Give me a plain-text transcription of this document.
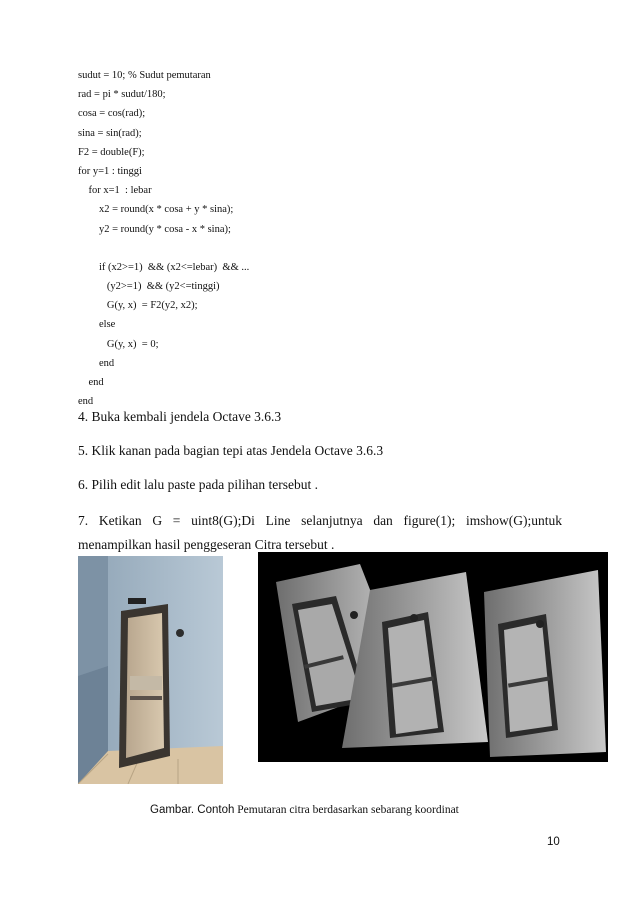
sudut = 10; % Sudut pemutaran
rad = pi * sudut/180;
cosa = cos(rad);
sina = sin(rad);
F2 = double(F);
for y=1 : tinggi
for x=1  : lebar
x2 = round(x * cosa + y * sina);
y2 = round(y * cosa - x * sina);
if (x2>=1)  && (x2<=lebar)  && ...
(y2>=1)  && (y2<=tinggi)
G(y, x)  = F2(y2, x2);
else
G(y, x)  = 0;
end
end
end
4. Buka kembali jendela Octave 3.6.3
5. Klik kanan pada bagian tepi atas Jendela Octave 3.6.3
6. Pilih edit lalu paste pada pilihan tersebut .
7. Ketikan G = uint8(G);Di Line selanjutnya dan figure(1); imshow(G);untuk menampilkan hasil penggeseran Citra tersebut .
Gambar. Contoh Pemutaran citra berdasarkan sebarang koordinat
10
